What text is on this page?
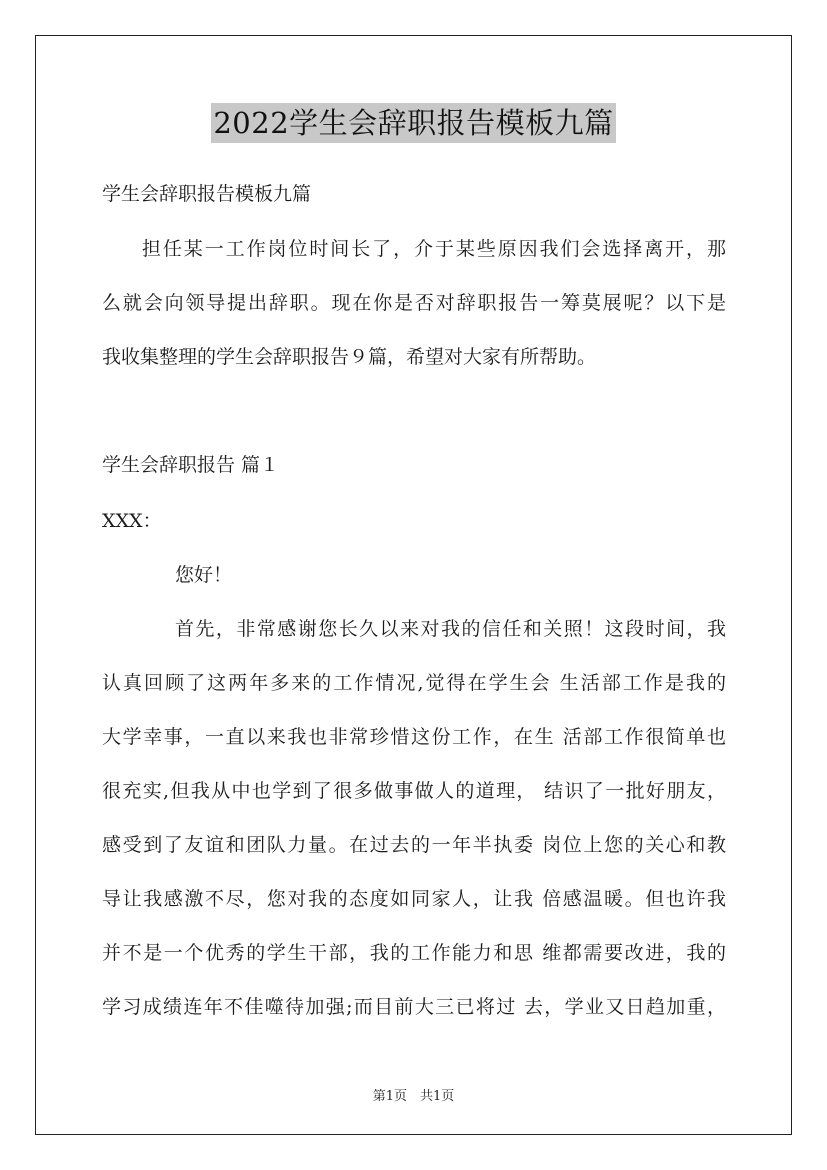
2022学生会辞职报告模板九篇
学生会辞职报告模板九篇
担任某一工作岗位时间长了，介于某些原因我们会选择离开，那
么就会向领导提出辞职。现在你是否对辞职报告一筹莫展呢？以下是
我收集整理的学生会辞职报告９篇，希望对大家有所帮助。
学生会辞职报告 篇１
XXX：
您好！
首先，非常感谢您长久以来对我的信任和关照！这段时间，我
认真回顾了这两年多来的工作情况,觉得在学生会 生活部工作是我的
大学幸事，一直以来我也非常珍惜这份工作，在生 活部工作很简单也
很充实,但我从中也学到了很多做事做人的道理， 结识了一批好朋友，
感受到了友谊和团队力量。在过去的一年半执委 岗位上您的关心和教
导让我感激不尽，您对我的态度如同家人，让我 倍感温暖。但也许我
并不是一个优秀的学生干部，我的工作能力和思 维都需要改进，我的
学习成绩连年不佳噬待加强;而目前大三已将过 去，学业又日趋加重，
第1页　共1页
